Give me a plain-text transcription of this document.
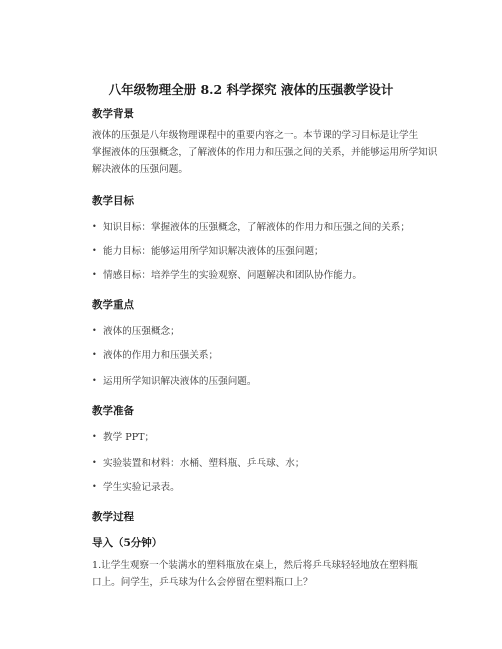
八年级物理全册 8.2 科学探究 液体的压强教学设计
教学背景
液体的压强是八年级物理课程中的重要内容之一。本节课的学习目标是让学生
掌握液体的压强概念，了解液体的作用力和压强之间的关系，并能够运用所学知识
解决液体的压强问题。
教学目标
• 知识目标：掌握液体的压强概念，了解液体的作用力和压强之间的关系；
• 能力目标：能够运用所学知识解决液体的压强问题；
• 情感目标：培养学生的实验观察、问题解决和团队协作能力。
教学重点
• 液体的压强概念；
• 液体的作用力和压强关系；
• 运用所学知识解决液体的压强问题。
教学准备
• 教学 PPT；
• 实验装置和材料：水桶、塑料瓶、乒乓球、水；
• 学生实验记录表。
教学过程
导入（5分钟）
1.让学生观察一个装满水的塑料瓶放在桌上，然后将乒乓球轻轻地放在塑料瓶
口上。问学生，乒乓球为什么会停留在塑料瓶口上？
